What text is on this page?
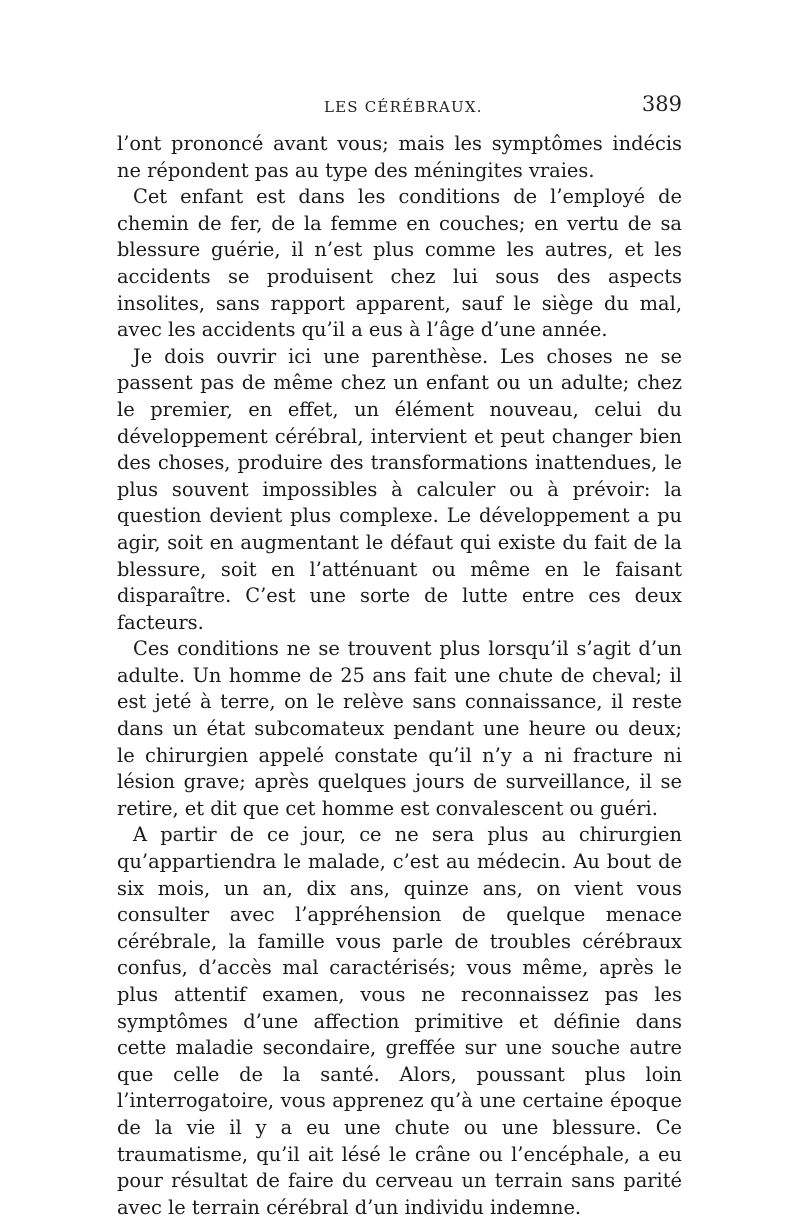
LES CÉRÉBRAUX.	389

l’ont prononcé avant vous; mais les symptômes indécis ne répondent pas au type des méningites vraies.

Cet enfant est dans les conditions de l’employé de chemin de fer, de la femme en couches; en vertu de sa blessure guérie, il n’est plus comme les autres, et les accidents se produisent chez lui sous des aspects insolites, sans rapport apparent, sauf le siège du mal, avec les accidents qu’il a eus à l’âge d’une année.

Je dois ouvrir ici une parenthèse. Les choses ne se passent pas de même chez un enfant ou un adulte; chez le premier, en effet, un élément nouveau, celui du développement cérébral, intervient et peut changer bien des choses, produire des transformations inattendues, le plus souvent impossibles à calculer ou à prévoir: la question devient plus complexe. Le développement a pu agir, soit en augmentant le défaut qui existe du fait de la blessure, soit en l’atténuant ou même en le faisant disparaître. C’est une sorte de lutte entre ces deux facteurs.

Ces conditions ne se trouvent plus lorsqu’il s’agit d’un adulte. Un homme de 25 ans fait une chute de cheval; il est jeté à terre, on le relève sans connaissance, il reste dans un état subcomateux pendant une heure ou deux; le chirurgien appelé constate qu’il n’y a ni fracture ni lésion grave; après quelques jours de surveillance, il se retire, et dit que cet homme est convalescent ou guéri.

A partir de ce jour, ce ne sera plus au chirurgien qu’appartiendra le malade, c’est au médecin. Au bout de six mois, un an, dix ans, quinze ans, on vient vous consulter avec l’appréhension de quelque menace cérébrale, la famille vous parle de troubles cérébraux confus, d’accès mal caractérisés; vous même, après le plus attentif examen, vous ne reconnaissez pas les symptômes d’une affection primitive et définie dans cette maladie secondaire, greffée sur une souche autre que celle de la santé. Alors, poussant plus loin l’interrogatoire, vous apprenez qu’à une certaine époque de la vie il y a eu une chute ou une blessure. Ce traumatisme, qu’il ait lésé le crâne ou l’encéphale, a eu pour résultat de faire du cerveau un terrain sans parité avec le terrain cérébral d’un individu indemne.
